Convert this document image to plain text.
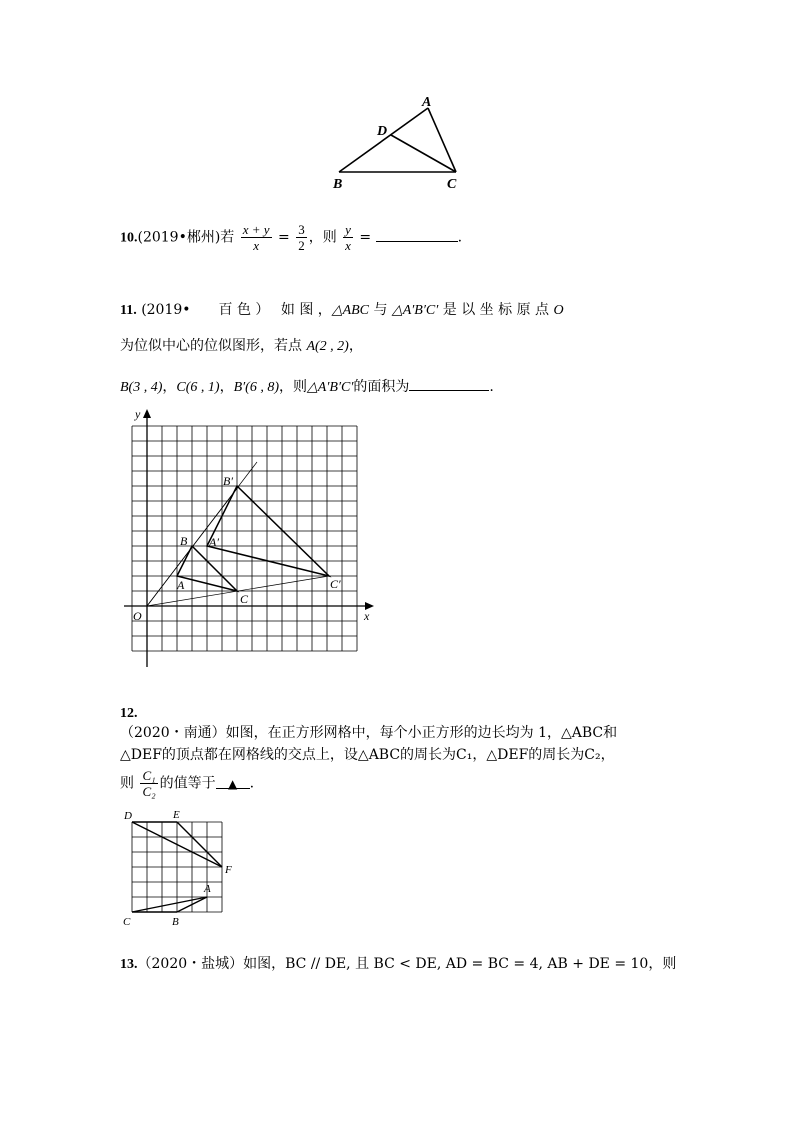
A
D
B	C
10.(2019•郴州)若 $\frac{x + y}{x} = \frac{3}{2}$ ，则 $\frac{y}{x}$ =	.
11. (2019•　　百 色 ）　 如 图 ，△ABC 与 △A′B′C′ 是 以 坐 标 原 点 O
为位似中心的位似图形，若点 A(2 , 2)，
B(3 , 4)，C(6 , 1)，B′(6 , 8)，则△A′B′C′的面积为	.
y
x
O
A
B
C
A′
B′
C′
12.
（2020・南通）如图，在正方形网格中，每个小正方形的边长均为 1，△ABC和
△DEF的顶点都在网格线的交点上，设△ABC的周长为C₁，△DEF的周长为C₂，
则 $\frac{\text{C₁}}{\text{C₂}}$ 的值等于 ▲ .
D	E
F
A
C	B
13.（2020・盐城）如图，BC // DE, 且 BC < DE, AD = BC = 4, AB + DE = 10，则
